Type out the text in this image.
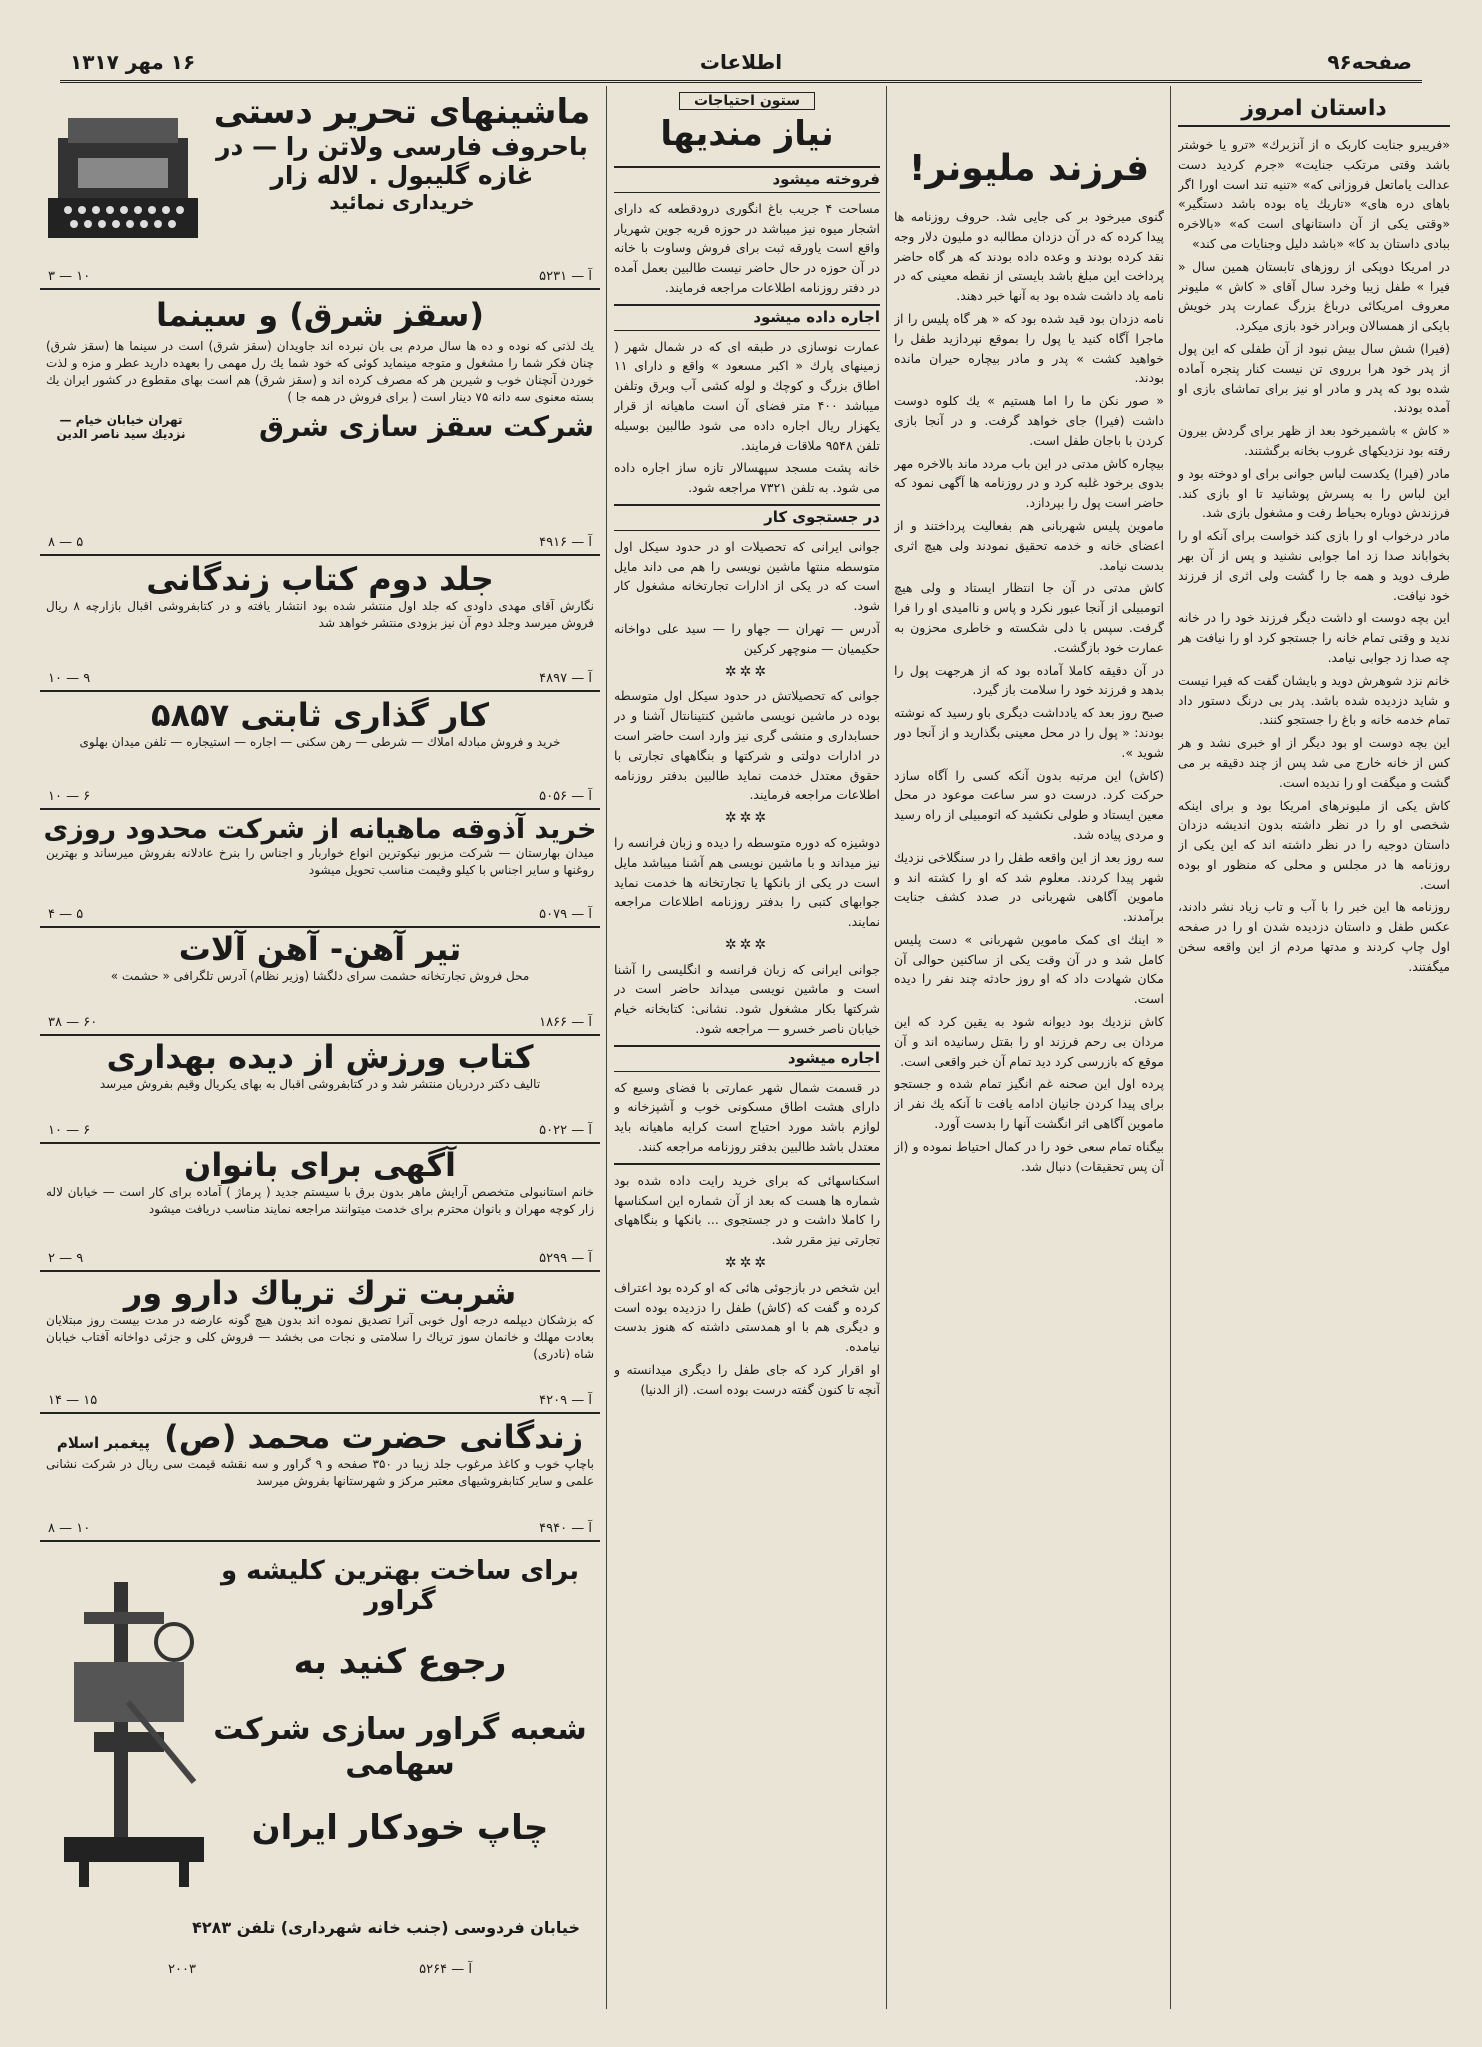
صفحه۹۶
اطلاعات
۱۶ مهر ۱۳۱۷
داستان امروز

«فریبرو جنایت کاربک ه از آنزبرك» «ترو یا خوشتر باشد وقتی مرتکب جنایت» «جرم کردید دست عدالت یاماتعل فروزانی که» «تنیه تند است اورا اگر باهای دره های» «تاریك یاه بوده باشد دستگیر» «وقتی یکی از آن داستانهای است که» «بالاخره ببادی داستان بد کا» «باشد دلیل وجنایات می کند»

در امریکا دوپکی از روزهای تابستان همین سال « فیرا » طفل زیبا وخرد سال آقای « کاش » ملیونر معروف امریکائی درباغ بزرگ عمارت پدر خویش بایکی از همسالان وبرادر خود بازی میکرد.

(فیرا) شش سال بیش نبود از آن طفلی که این پول از پدر خود هرا برروی تن نیست کنار پنجره آماده شده بود که پدر و مادر او نیز برای تماشای بازی او آمده بودند.

« کاش » باشمیرخود بعد از ظهر برای گردش بیرون رفته بود نزدیکهای غروب بخانه برگشتند.

مادر (فیرا) یکدست لباس جوانی برای او دوخته بود و این لباس را به پسرش پوشانید تا او بازی کند. فرزندش دوباره بحیاط رفت و مشغول بازی شد.

مادر درخواب او را بازی کند خواست برای آنکه او را بخواباند صدا زد اما جوابی نشنید و پس از آن بهر طرف دوید و همه جا را گشت ولی اثری از فرزند خود نیافت.

این بچه دوست او داشت دیگر فرزند خود را در خانه ندید و وقتی تمام خانه را جستجو کرد او را نیافت هر چه صدا زد جوابی نیامد.

خانم نزد شوهرش دوید و بایشان گفت که فیرا نیست و شاید دزدیده شده باشد. پدر بی درنگ دستور داد تمام خدمه خانه و باغ را جستجو کنند.

این بچه دوست او بود دیگر از او خبری نشد و هر کس از خانه خارج می شد پس از چند دقیقه بر می گشت و میگفت او را ندیده است.

کاش یکی از ملیونرهای امریکا بود و برای اینکه شخصی او را در نظر داشته بدون اندیشه دزدان داستان دوجیه را در نظر داشته اند که این یکی از روزنامه ها در مجلس و محلی که منظور او بوده است.

روزنامه ها این خبر را با آب و تاب زیاد نشر دادند، عکس طفل و داستان دزدیده شدن او را در صفحه اول چاپ کردند و مدتها مردم از این واقعه سخن میگفتند.

فرزند ملیونر!

گنوی میرخود بر کی جایی شد. حروف روزنامه ها پیدا کرده که در آن دزدان مطالبه دو ملیون دلار وجه نقد کرده بودند و وعده داده بودند که هر گاه حاضر پرداخت این مبلغ باشد بایستی از نقطه معینی که در نامه یاد داشت شده بود به آنها خبر دهند.

نامه دزدان بود قید شده بود که « هر گاه پلیس را از ماجرا آگاه کنید یا پول را بموقع نپردازید طفل را خواهید کشت » پدر و مادر بیچاره حیران مانده بودند.

« صور نکن ما را اما هستیم » یك کلوه دوست داشت (فیرا) جای خواهد گرفت. و در آنجا بازی کردن با باجان طفل است.

بیچاره کاش مدتی در این باب مردد ماند بالاخره مهر بدوی برخود غلبه کرد و در روزنامه ها آگهی نمود که حاضر است پول را بپردازد.

ماموین پلیس شهربانی هم بفعالیت پرداختند و از اعضای خانه و خدمه تحقیق نمودند ولی هیچ اثری بدست نیامد.

کاش مدتی در آن جا انتظار ایستاد و ولی هیچ اتومبیلی از آنجا عبور نکرد و پاس و ناامیدی او را فرا گرفت. سپس با دلی شکسته و خاطری محزون به عمارت خود بازگشت.

در آن دقیقه کاملا آماده بود که از هرجهت پول را بدهد و فرزند خود را سلامت باز گیرد.

صبح روز بعد که یادداشت دیگری باو رسید که نوشته بودند: « پول را در محل معینی بگذارید و از آنجا دور شوید ».

(کاش) این مرتبه بدون آنکه کسی را آگاه سازد حرکت کرد. درست دو سر ساعت موعود در محل معین ایستاد و طولی نکشید که اتومبیلی از راه رسید و مردی پیاده شد.

سه روز بعد از این واقعه طفل را در سنگلاخی نزدیك شهر پیدا کردند. معلوم شد که او را کشته اند و ماموین آگاهی شهربانی در صدد کشف جنایت برآمدند.

« اینك ای کمک ماموین شهربانی » دست پلیس کامل شد و در آن وقت یکی از ساکنین حوالی آن مکان شهادت داد که او روز حادثه چند نفر را دیده است.

کاش نزدیك بود دیوانه شود به یقین کرد که این مردان بی رحم فرزند او را بقتل رسانیده اند و آن موقع که بازرسی کرد دید تمام آن خبر واقعی است.

پرده اول این صحنه غم انگیز تمام شده و جستجو برای پیدا کردن جانیان ادامه یافت تا آنکه یك نفر از ماموین آگاهی اثر انگشت آنها را بدست آورد.

بیگناه تمام سعی خود را در کمال احتیاط نموده و (از آن پس تحقیقات) دنبال شد.

ستون احتیاجات
نیاز مندیها
فروخته میشود

مساحت ۴ جریب باغ انگوری درودقطعه که دارای اشجار میوه نیز میباشد در حوزه قریه جوین شهریار واقع است یاورقه ثبت برای فروش وساوت با خانه در آن حوزه در حال حاضر نیست طالبین بعمل آمده در دفتر روزنامه اطلاعات مراجعه فرمایند.

اجاره داده میشود

عمارت نوسازی در طبقه ای که در شمال شهر ( زمینهای پارك « اکبر مسعود » واقع و دارای ۱۱ اطاق بزرگ و کوچك و لوله کشی آب وبرق وتلفن میباشد ۴۰۰ متر فضای آن است ماهیانه از قرار یکهزار ریال اجاره داده می شود طالبین بوسیله تلفن ۹۵۴۸ ملاقات فرمایند.

خانه پشت مسجد سپهسالار تازه ساز اجاره داده می شود. به تلفن ۷۳۲۱ مراجعه شود.

در جستجوی کار

جوانی ایرانی که تحصیلات او در حدود سیکل اول متوسطه منتها ماشین نویسی را هم می داند مایل است که در یکی از ادارات تجارتخانه مشغول کار شود.

آدرس — تهران — جهاو را — سید علی دواخانه حکیمیان — منوچهر کرکین

✲✲✲

جوانی که تحصیلاتش در حدود سیکل اول متوسطه بوده در ماشین نویسی ماشین کنتینانتال آشنا و در حسابداری و منشی گری نیز وارد است حاضر است در ادارات دولتی و شرکتها و بنگاههای تجارتی با حقوق معتدل خدمت نماید طالبین بدفتر روزنامه اطلاعات مراجعه فرمایند.

✲✲✲

دوشیزه که دوره متوسطه را دیده و زبان فرانسه را نیز میداند و با ماشین نویسی هم آشنا میباشد مایل است در یکی از بانکها یا تجارتخانه ها خدمت نماید جوابهای کتبی را بدفتر روزنامه اطلاعات مراجعه نمایند.

✲✲✲

جوانی ایرانی که زبان فرانسه و انگلیسی را آشنا است و ماشین نویسی میداند حاضر است در شرکتها بکار مشغول شود. نشانی: کتابخانه خیام خیابان ناصر خسرو — مراجعه شود.

اجاره میشود

در قسمت شمال شهر عمارتی با فضای وسیع که دارای هشت اطاق مسکونی خوب و آشپزخانه و لوازم باشد مورد احتیاج است کرایه ماهیانه باید معتدل باشد طالبین بدفتر روزنامه مراجعه کنند.

اسکناسهائی که برای خرید رایت داده شده بود شماره ها هست که بعد از آن شماره این اسکناسها را کاملا داشت و در جستجوی ... بانکها و بنگاههای تجارتی نیز مقرر شد.

✲✲✲

این شخص در بازجوئی هائی که او کرده بود اعتراف کرده و گفت که (کاش) طفل را دزدیده بوده است و دیگری هم با او همدستی داشته که هنوز بدست نیامده.

او اقرار کرد که جای طفل را دیگری میدانسته و آنچه تا کنون گفته درست بوده است. (از الدنیا)

ماشینهای تحریر دستی
باحروف فارسی ولاتن را — در
غازه گلیبول . لاله زار
خریداری نمائید
آ — ۵۲۳۱
۱۰ — ۳
(سقز شرق) و سینما
یك لذتی که نوده و ده ها سال مردم بی بان نبرده اند جاویدان (سقز شرق) است در سینما ها (سقز شرق) چنان فکر شما را مشغول و متوجه مینماید کوئی که خود شما یك رل مهمی را بعهده دارید عطر و مزه و لذت خوردن آنچنان خوب و شیرین هر که مصرف کرده اند و (سقز شرق) هم است بهای مقطوع در کشور ایران یك بسته معنوی سه دانه ۷۵ دینار است ( برای فروش در همه جا )
شرکت سقز سازی شرق
تهران خیابان خیام — نزدیك سید ناصر الدین
آ — ۴۹۱۶
۵ — ۸
جلد دوم کتاب زندگانی
نگارش آقای مهدی داودی که جلد اول منتشر شده بود انتشار یافته و در کتابفروشی اقبال بازارچه ۸ ریال فروش میرسد وجلد دوم آن نیز بزودی منتشر خواهد شد
آ — ۴۸۹۷
۹ — ۱۰
کار گذاری ثابتی ۵۸۵۷
خرید و فروش مبادله املاك — شرطی — رهن سکنی — اجاره — استیجاره — تلفن میدان بهلوی
آ — ۵۰۵۶
۶ — ۱۰
خرید آذوقه ماهیانه از شرکت محدود روزی
میدان بهارستان — شرکت مزبور نیکوترین انواع خواربار و اجناس را بنرخ عادلانه بفروش میرساند و بهترین روغنها و سایر اجناس با کیلو وقیمت مناسب تحویل میشود
آ — ۵۰۷۹
۵ — ۴
تیر آهن- آهن آلات
محل فروش تجارتخانه حشمت سرای دلگشا (وزیر نظام) آدرس تلگرافی « حشمت »
آ — ۱۸۶۶
۶۰ — ۳۸
کتاب ورزش از دیده بهداری
تالیف دکتر دردریان منتشر شد و در کتابفروشی اقبال به بهای یکریال وقیم بفروش میرسد
آ — ۵۰۲۲
۶ — ۱۰
آگهی برای بانوان
خانم استانبولی متخصص آرایش ماهر بدون برق با سیستم جدید ( پرماژ ) آماده برای کار است — خیابان لاله زار کوچه مهران و بانوان محترم برای خدمت میتوانند مراجعه نمایند مناسب دریافت میشود
آ — ۵۲۹۹
۹ — ۲
شربت ترك تریاك دارو ور
که بزشکان دیپلمه درجه اول خوبی آنرا تصدیق نموده اند بدون هیچ گونه عارضه در مدت بیست روز مبتلایان بعادت مهلك و خانمان سوز تریاك را سلامتی و نجات می بخشد — فروش کلی و جزئی دواخانه آفتاب خیابان شاه (نادری)
آ — ۴۲۰۹
۱۵ — ۱۴
زندگانی حضرت محمد (ص)
پیغمبر اسلام
باچاپ خوب و کاغذ مرغوب جلد زیبا در ۳۵۰ صفحه و ۹ گراور و سه نقشه قیمت سی ریال در شرکت نشانی علمی و سایر کتابفروشیهای معتبر مرکز و شهرستانها بفروش میرسد
آ — ۴۹۴۰
۱۰ — ۸
برای ساخت بهترین کلیشه و گراور
رجوع کنید به
شعبه گراور سازی شرکت سهامی
چاپ خودکار ایران
خیابان فردوسی (جنب خانه شهرداری) تلفن ۴۲۸۳
آ — ۵۲۶۴
۲۰۰۳
